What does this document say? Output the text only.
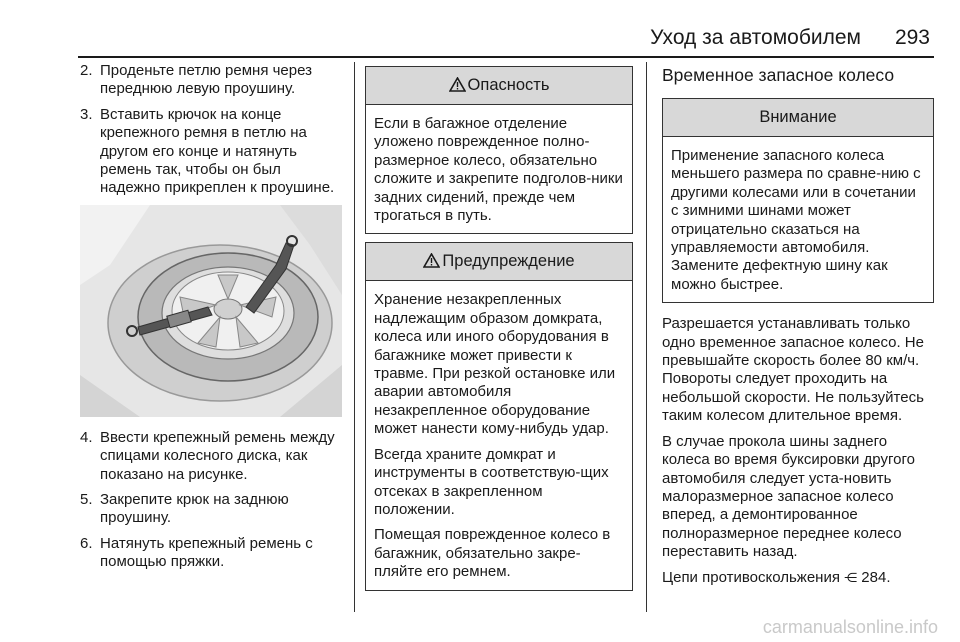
Уход за автомобилем 293
2. Проденьте петлю ремня через переднюю левую проушину.
3. Вставить крючок на конце крепежного ремня в петлю на другом его конце и натянуть ремень так, чтобы он был надежно прикреплен к проушине.
4. Ввести крепежный ремень между спицами колесного диска, как показано на рисунке.
5. Закрепите крюк на заднюю проушину.
6. Натянуть крепежный ремень с помощью пряжки.
Опасность

Если в багажное отделение уложено поврежденное полно-размерное колесо, обязательно сложите и закрепите подголов-ники задних сидений, прежде чем трогаться в путь.

Предупреждение

Хранение незакрепленных надлежащим образом домкрата, колеса или иного оборудования в багажнике может привести к травме. При резкой остановке или аварии автомобиля незакрепленное оборудование может нанести кому-нибудь удар.

Всегда храните домкрат и инструменты в соответствую-щих отсеках в закрепленном положении.

Помещая поврежденное колесо в багажник, обязательно закре-пляйте его ремнем.

Временное запасное колесо
Внимание

Применение запасного колеса меньшего размера по сравне-нию с другими колесами или в сочетании с зимними шинами может отрицательно сказаться на управляемости автомобиля. Замените дефектную шину как можно быстрее.

Разрешается устанавливать только одно временное запасное колесо. Не превышайте скорость более 80 км/ч. Повороты следует проходить на небольшой скорости. Не пользуйтесь таким колесом длительное время.

В случае прокола шины заднего колеса во время буксировки другого автомобиля следует уста-новить малоразмерное запасное колесо вперед, а демонтированное полноразмерное переднее колесо переставить назад.

Цепи противоскольжения ⋲ 284.

carmanualsonline.info
